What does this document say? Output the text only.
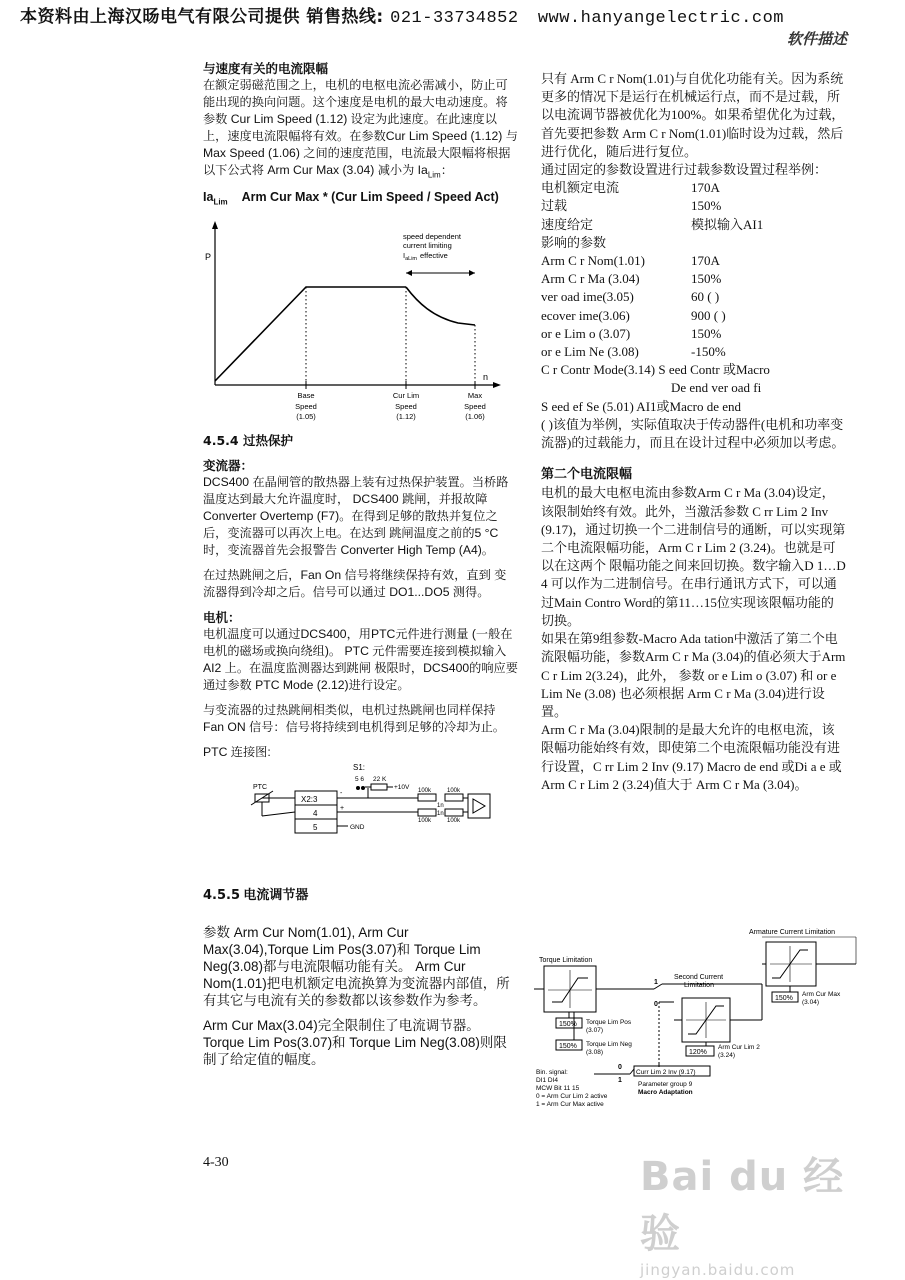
本资料由上海汉旸电气有限公司提供 销售热线: 021-33734852 www.hanyangelectric.com
软件描述

与速度有关的电流限幅

在额定弱磁范围之上，电机的电枢电流必需减小，防止可能出现的换向问题。这个速度是电机的最大电动速度。将参数 Cur Lim Speed (1.12) 设定为此速度。在此速度以上，速度电流限幅将有效。在参数Cur Lim Speed (1.12) 与 Max Speed (1.06) 之间的速度范围，电流最大限幅将根据以下公式将 Arm Cur Max (3.04) 减小为 $Ia_{Lim}$：

$Ia_{Lim}$ Arm Cur Max * (Cur Lim Speed / Speed Act)

P
n
speed dependent
current limiting
$I_{aLim}$ effective
Base	Cur Lim	Max
Speed
(1.05)
Speed
(1.12)
Speed
(1.06)

4.5.4 过热保护

变流器：

DCS400 在晶闸管的散热器上装有过热保护装置。当桥路温度达到最大允许温度时， DCS400 跳闸，并报故障 Converter Overtemp (F7)。在得到足够的散热并复位之后，变流器可以再次上电。在达到 跳闸温度之前的5 °C时，变流器首先会报警告 Converter High Temp (A4)。

在过热跳闸之后，Fan On 信号将继续保持有效，直到 变流器得到冷却之后。信号可以通过 DO1...DO5 测得。

电机：

电机温度可以通过DCS400，用PTC元件进行测量 (一般在电机的磁场或换向绕组)。 PTC 元件需要连接到模拟输入 AI2 上。在温度监测器达到跳闸 极限时，DCS400的响应要通过参数 PTC Mode (2.12)进行设定。

与变流器的过热跳闸相类似，电机过热跳闸也同样保持 Fan ON 信号：信号将持续到电机得到足够的冷却为止。

PTC 连接图:

S1:
PTC
X2:3
4
5	GND
5 6 22 K
+10V
-
+
100k	100k
100k	100k
1n
1n

4.5.5 电流调节器

参数 Arm Cur Nom(1.01), Arm Cur Max(3.04),Torque Lim Pos(3.07)和 Torque Lim Neg(3.08)都与电流限幅功能有关。 Arm Cur Nom(1.01)把电机额定电流换算为变流器内部值，所有其它与电流有关的参数都以该参数作为参考。

Arm Cur Max(3.04)完全限制住了电流调节器。Torque Lim Pos(3.07)和 Torque Lim Neg(3.08)则限制了给定值的幅度。

4-30

只有 Arm C r Nom(1.01)与自优化功能有关。因为系统更多的情况下是运行在机械运行点，而不是过载，所以电流调节器被优化为100%。如果希望优化为过载，首先要把参数 Arm C r Nom(1.01)临时设为过载，然后进行优化，随后进行复位。

通过固定的参数设置进行过载参数设置过程举例：

电机额定电流	170A
过载	150%
速度给定	模拟输入AI1
影响的参数	
Arm C r Nom(1.01)	170A
Arm C r Ma (3.04)	150%
ver oad ime(3.05)	60 ( )
ecover ime(3.06)	900 ( )
or e Lim o (3.07)	150%
or e Lim Ne (3.08)	-150%

C r Contr Mode(3.14) S eed Contr 或Macro

De end ver oad fi

S eed ef Se (5.01) AI1或Macro de end

( )该值为举例，实际值取决于传动器件(电机和功率变流器)的过载能力，而且在设计过程中必须加以考虑。

第二个电流限幅

电机的最大电枢电流由参数Arm C r Ma (3.04)设定，该限制始终有效。此外，当激活参数 C rr Lim 2 Inv (9.17)，通过切换一个二进制信号的通断，可以实现第二个电流限幅功能，Arm C r Lim 2 (3.24)。也就是可以在这两个 限幅功能之间来回切换。数字输入D 1…D 4 可以作为二进制信号。在串行通讯方式下，可以通过Main Contro Word的第11…15位实现该限幅功能的切换。

如果在第9组参数-Macro Ada tation中激活了第二个电流限幅功能，参数Arm C r Ma (3.04)的值必须大于Arm C r Lim 2(3.24)，此外， 参数 or e Lim o (3.07) 和 or e Lim Ne (3.08) 也必须根据 Arm C r Ma (3.04)进行设置。

Arm C r Ma (3.04)限制的是最大允许的电枢电流，该限幅功能始终有效，即使第二个电流限幅功能没有进行设置，C rr Lim 2 Inv (9.17) Macro de end 或Di a e 或 Arm C r Lim 2 (3.24)值大于 Arm C r Ma (3.04)。

Torque Limitation
150% Torque Lim Pos
(3.07)
150% Torque Lim Neg
(3.08)
1
0
Second Current
Limitation
120%
Arm Cur Lim 2
(3.24)
Armature Current Limitation
150%
Arm Cur Max
(3.04)
Bin. signal:
DI1 DI4
MCW Bit 11 15
0 = Arm Cur Lim 2 active
1 = Arm Cur Max active
0
1
Curr Lim 2 Inv (9.17)
Parameter group 9
Macro Adaptation
Bai du 经验
jingyan.baidu.com
